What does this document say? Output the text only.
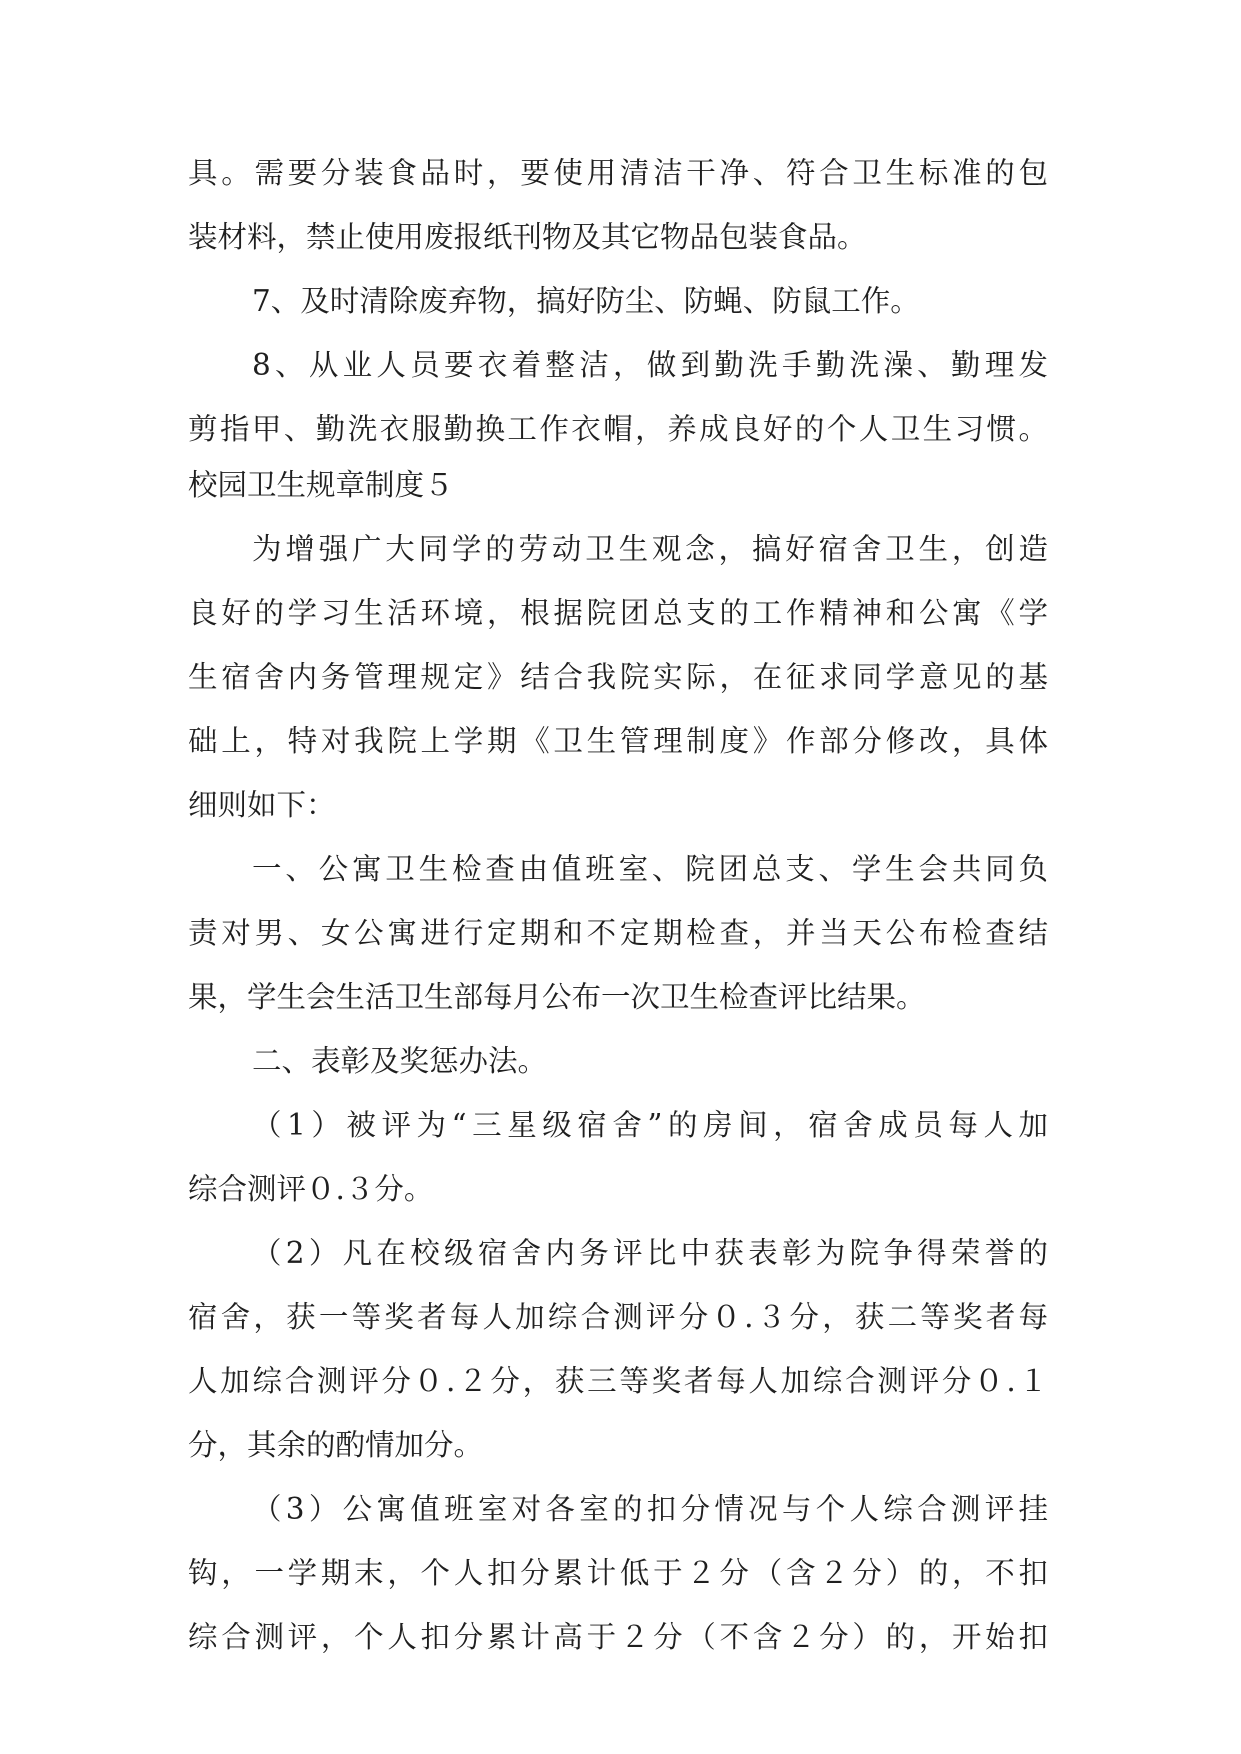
具。需要分装食品时，要使用清洁干净、符合卫生标准的包
装材料，禁止使用废报纸刊物及其它物品包装食品。
7、及时清除废弃物，搞好防尘、防蝇、防鼠工作。
8、从业人员要衣着整洁，做到勤洗手勤洗澡、勤理发
剪指甲、勤洗衣服勤换工作衣帽，养成良好的个人卫生习惯。
校园卫生规章制度５
为增强广大同学的劳动卫生观念，搞好宿舍卫生，创造
良好的学习生活环境，根据院团总支的工作精神和公寓《学
生宿舍内务管理规定》结合我院实际，在征求同学意见的基
础上，特对我院上学期《卫生管理制度》作部分修改，具体
细则如下：
一、公寓卫生检查由值班室、院团总支、学生会共同负
责对男、女公寓进行定期和不定期检查，并当天公布检查结
果，学生会生活卫生部每月公布一次卫生检查评比结果。
二、表彰及奖惩办法。
（1）被评为“三星级宿舍”的房间，宿舍成员每人加
综合测评０.３分。
（2）凡在校级宿舍内务评比中获表彰为院争得荣誉的
宿舍，获一等奖者每人加综合测评分０.３分，获二等奖者每
人加综合测评分０.２分，获三等奖者每人加综合测评分０.１
分，其余的酌情加分。
（3）公寓值班室对各室的扣分情况与个人综合测评挂
钩，一学期末，个人扣分累计低于２分（含２分）的，不扣
综合测评，个人扣分累计高于２分（不含２分）的，开始扣
